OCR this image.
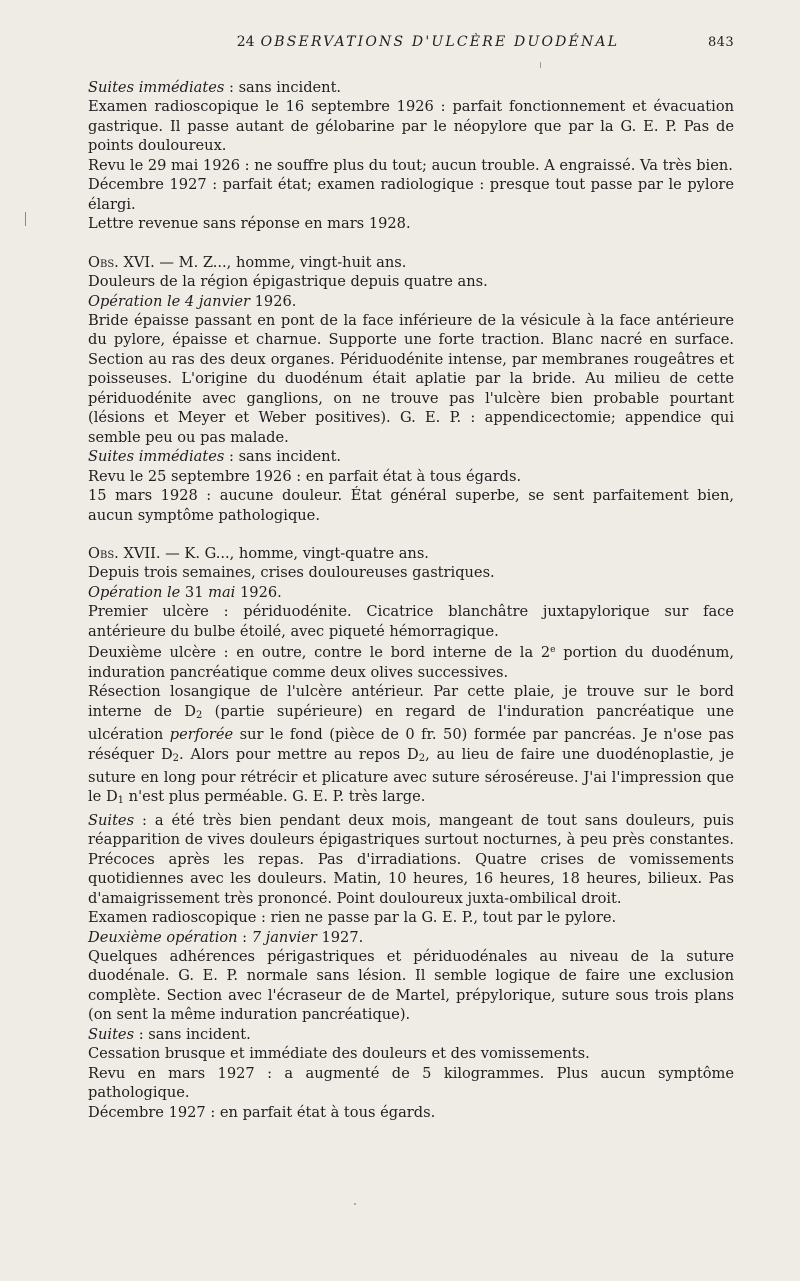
24 OBSERVATIONS D'ULCÈRE DUODÉNAL	843

Suites immédiates : sans incident.

Examen radioscopique le 16 septembre 1926 : parfait fonctionnement et évacuation gastrique. Il passe autant de gélobarine par le néopylore que par la G. E. P. Pas de points douloureux.

Revu le 29 mai 1926 : ne souffre plus du tout; aucun trouble. A engraissé. Va très bien.

Décembre 1927 : parfait état; examen radiologique : presque tout passe par le pylore élargi.

Lettre revenue sans réponse en mars 1928.

Obs. XVI. — M. Z..., homme, vingt-huit ans.

Douleurs de la région épigastrique depuis quatre ans.

Opération le 4 janvier 1926.

Bride épaisse passant en pont de la face inférieure de la vésicule à la face antérieure du pylore, épaisse et charnue. Supporte une forte traction. Blanc nacré en surface. Section au ras des deux organes. Périduodénite intense, par membranes rougeâtres et poisseuses. L'origine du duodénum était aplatie par la bride. Au milieu de cette périduodénite avec ganglions, on ne trouve pas l'ulcère bien probable pourtant (lésions et Meyer et Weber positives). G. E. P. : appendicectomie; appendice qui semble peu ou pas malade.

Suites immédiates : sans incident.

Revu le 25 septembre 1926 : en parfait état à tous égards.

15 mars 1928 : aucune douleur. État général superbe, se sent parfaitement bien, aucun symptôme pathologique.

Obs. XVII. — K. G..., homme, vingt-quatre ans.

Depuis trois semaines, crises douloureuses gastriques.

Opération le 31 mai 1926.

Premier ulcère : périduodénite. Cicatrice blanchâtre juxtapylorique sur face antérieure du bulbe étoilé, avec piqueté hémorragique.

Deuxième ulcère : en outre, contre le bord interne de la 2e portion du duodénum, induration pancréatique comme deux olives successives.

Résection losangique de l'ulcère antérieur. Par cette plaie, je trouve sur le bord interne de $D_2$ (partie supérieure) en regard de l'induration pancréatique une ulcération perforée sur le fond (pièce de 0 fr. 50) formée par pancréas. Je n'ose pas réséquer $D_2$. Alors pour mettre au repos $D_2$, au lieu de faire une duodénoplastie, je suture en long pour rétrécir et plicature avec suture séroséreuse. J'ai l'impression que le $D_1$ n'est plus perméable. G. E. P. très large.

Suites : a été très bien pendant deux mois, mangeant de tout sans douleurs, puis réapparition de vives douleurs épigastriques surtout nocturnes, à peu près constantes. Précoces après les repas. Pas d'irradiations. Quatre crises de vomissements quotidiennes avec les douleurs. Matin, 10 heures, 16 heures, 18 heures, bilieux. Pas d'amaigrissement très prononcé. Point douloureux juxta-ombilical droit.

Examen radioscopique : rien ne passe par la G. E. P., tout par le pylore.

Deuxième opération : 7 janvier 1927.

Quelques adhérences périgastriques et périduodénales au niveau de la suture duodénale. G. E. P. normale sans lésion. Il semble logique de faire une exclusion complète. Section avec l'écraseur de de Martel, prépylorique, suture sous trois plans (on sent la même induration pancréatique).

Suites : sans incident.

Cessation brusque et immédiate des douleurs et des vomissements.

Revu en mars 1927 : a augmenté de 5 kilogrammes. Plus aucun symptôme pathologique.

Décembre 1927 : en parfait état à tous égards.
